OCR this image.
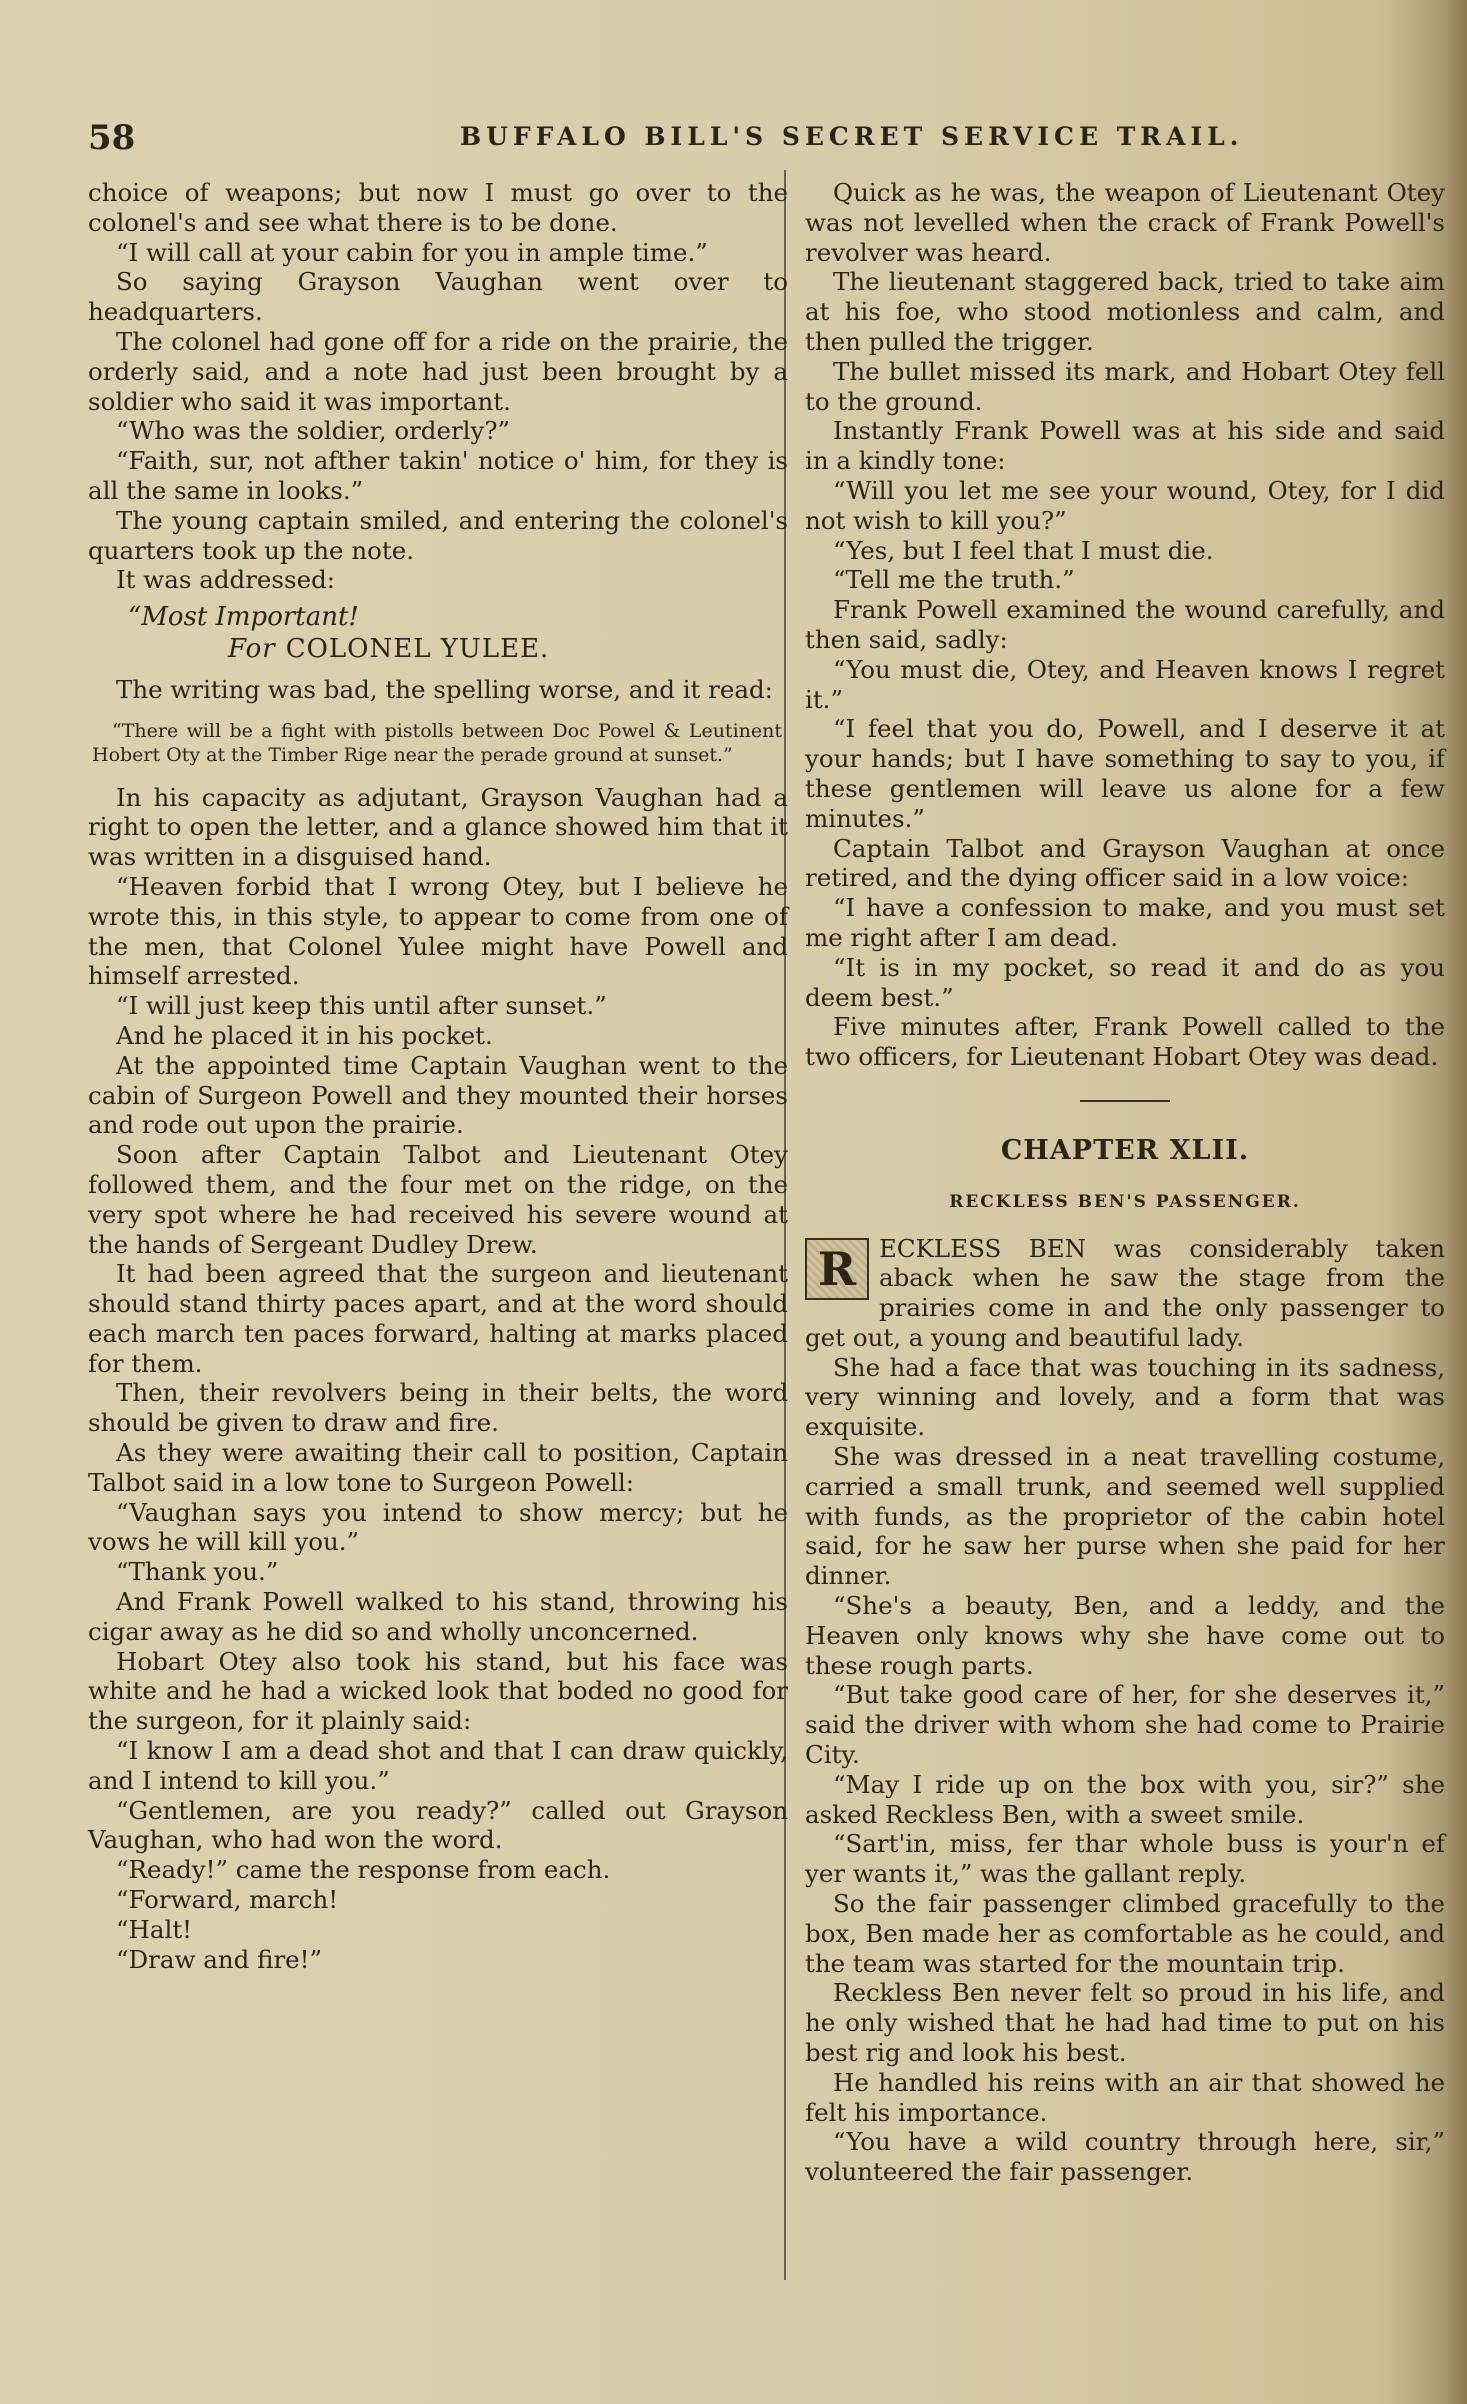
58	BUFFALO BILL'S SECRET SERVICE TRAIL.

choice of weapons; but now I must go over to the colonel's and see what there is to be done.

“I will call at your cabin for you in ample time.”

So saying Grayson Vaughan went over to headquarters.

The colonel had gone off for a ride on the prairie, the orderly said, and a note had just been brought by a soldier who said it was important.

“Who was the soldier, orderly?”

“Faith, sur, not afther takin' notice o' him, for they is all the same in looks.”

The young captain smiled, and entering the colonel's quarters took up the note.

It was addressed:

“Most Important!
For COLONEL YULEE.

The writing was bad, the spelling worse, and it read:

“There will be a fight with pistolls between Doc Powel & Leutinent Hobert Oty at the Timber Rige near the perade ground at sunset.”

In his capacity as adjutant, Grayson Vaughan had a right to open the letter, and a glance showed him that it was written in a disguised hand.

“Heaven forbid that I wrong Otey, but I believe he wrote this, in this style, to appear to come from one of the men, that Colonel Yulee might have Powell and himself arrested.

“I will just keep this until after sunset.”

And he placed it in his pocket.

At the appointed time Captain Vaughan went to the cabin of Surgeon Powell and they mounted their horses and rode out upon the prairie.

Soon after Captain Talbot and Lieutenant Otey followed them, and the four met on the ridge, on the very spot where he had received his severe wound at the hands of Sergeant Dudley Drew.

It had been agreed that the surgeon and lieutenant should stand thirty paces apart, and at the word should each march ten paces forward, halting at marks placed for them.

Then, their revolvers being in their belts, the word should be given to draw and fire.

As they were awaiting their call to position, Captain Talbot said in a low tone to Surgeon Powell:

“Vaughan says you intend to show mercy; but he vows he will kill you.”

“Thank you.”

And Frank Powell walked to his stand, throwing his cigar away as he did so and wholly unconcerned.

Hobart Otey also took his stand, but his face was white and he had a wicked look that boded no good for the surgeon, for it plainly said:

“I know I am a dead shot and that I can draw quickly, and I intend to kill you.”

“Gentlemen, are you ready?” called out Grayson Vaughan, who had won the word.

“Ready!” came the response from each.

“Forward, march!

“Halt!

“Draw and fire!”

Quick as he was, the weapon of Lieutenant Otey was not levelled when the crack of Frank Powell's revolver was heard.

The lieutenant staggered back, tried to take aim at his foe, who stood motionless and calm, and then pulled the trigger.

The bullet missed its mark, and Hobart Otey fell to the ground.

Instantly Frank Powell was at his side and said in a kindly tone:

“Will you let me see your wound, Otey, for I did not wish to kill you?”

“Yes, but I feel that I must die.

“Tell me the truth.”

Frank Powell examined the wound carefully, and then said, sadly:

“You must die, Otey, and Heaven knows I regret it.”

“I feel that you do, Powell, and I deserve it at your hands; but I have something to say to you, if these gentlemen will leave us alone for a few minutes.”

Captain Talbot and Grayson Vaughan at once retired, and the dying officer said in a low voice:

“I have a confession to make, and you must set me right after I am dead.

“It is in my pocket, so read it and do as you deem best.”

Five minutes after, Frank Powell called to the two officers, for Lieutenant Hobart Otey was dead.

CHAPTER XLII.
RECKLESS BEN'S PASSENGER.

R ECKLESS BEN was considerably taken aback when he saw the stage from the prairies come in and the only passenger to get out, a young and beautiful lady.

She had a face that was touching in its sadness, very winning and lovely, and a form that was exquisite.

She was dressed in a neat travelling costume, carried a small trunk, and seemed well supplied with funds, as the proprietor of the cabin hotel said, for he saw her purse when she paid for her dinner.

“She's a beauty, Ben, and a leddy, and the Heaven only knows why she have come out to these rough parts.

“But take good care of her, for she deserves it,” said the driver with whom she had come to Prairie City.

“May I ride up on the box with you, sir?” she asked Reckless Ben, with a sweet smile.

“Sart'in, miss, fer thar whole buss is your'n ef yer wants it,” was the gallant reply.

So the fair passenger climbed gracefully to the box, Ben made her as comfortable as he could, and the team was started for the mountain trip.

Reckless Ben never felt so proud in his life, and he only wished that he had had time to put on his best rig and look his best.

He handled his reins with an air that showed he felt his importance.

“You have a wild country through here, sir,” volunteered the fair passenger.
